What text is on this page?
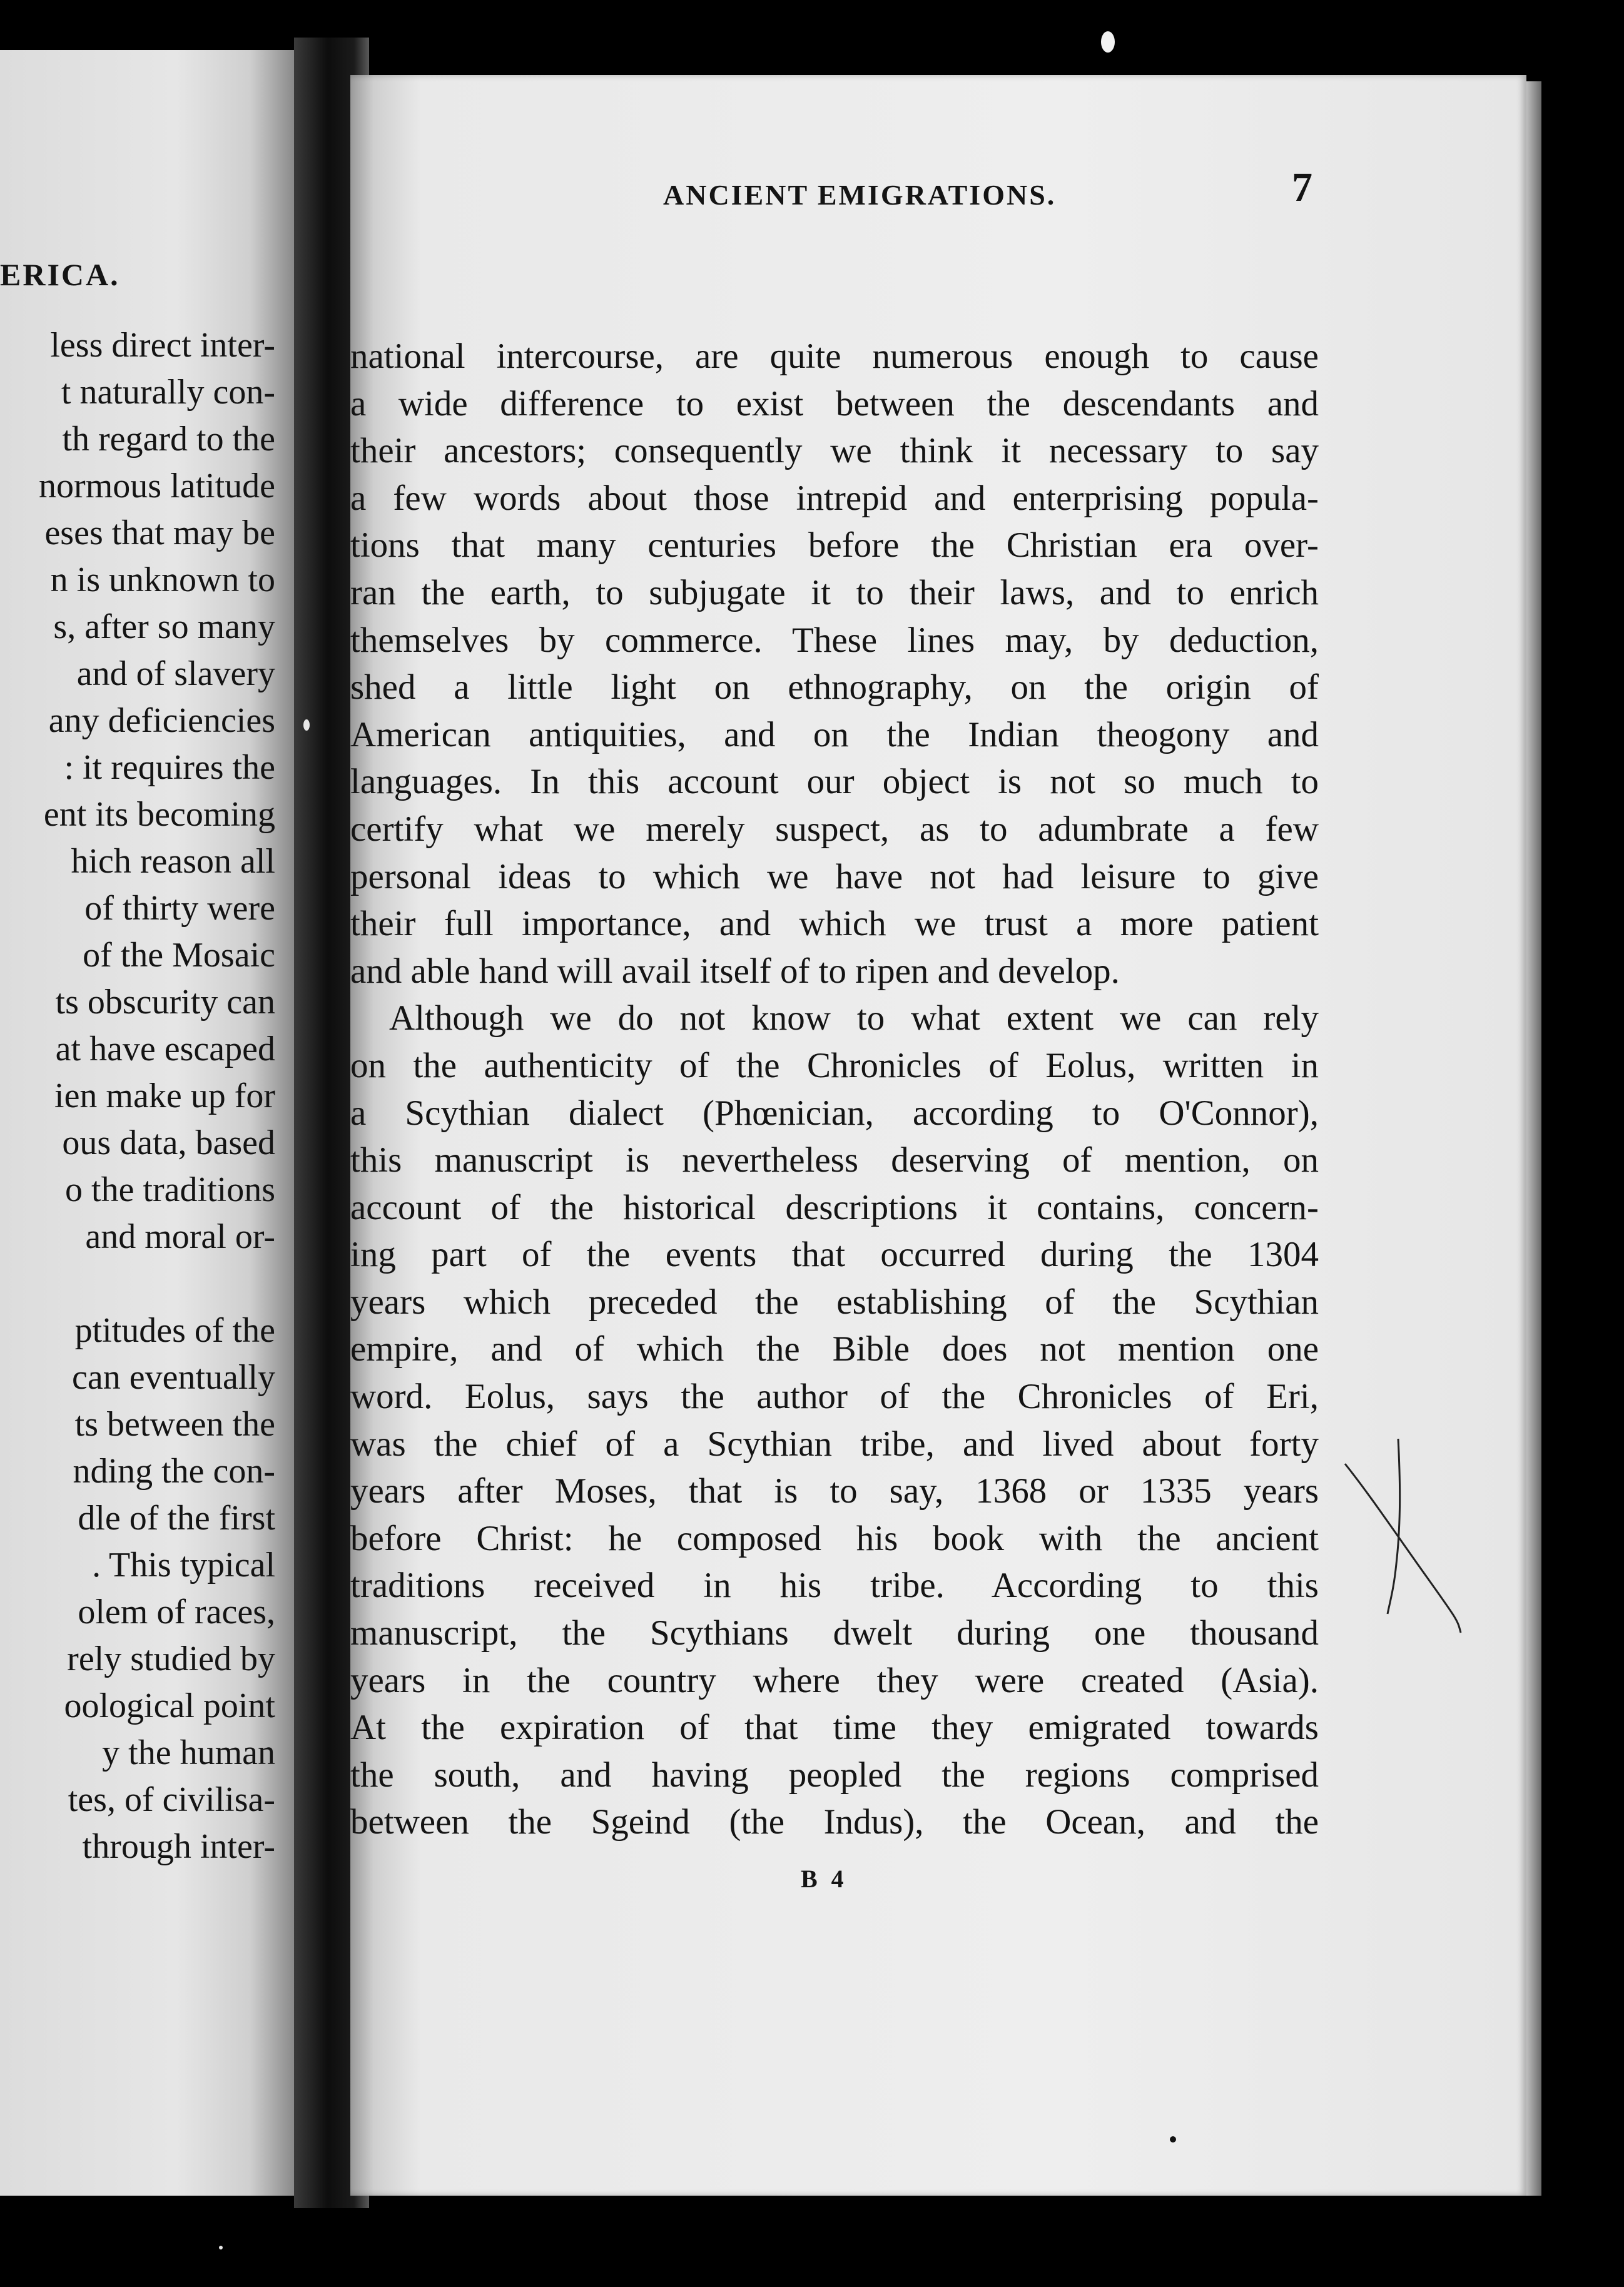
ERICA.
less direct inter-
t naturally con-
th regard to the
normous latitude
eses that may be
n is unknown to
s, after so many
and of slavery
any deficiencies
: it requires the
ent its becoming
hich reason all
of thirty were
of the Mosaic
ts obscurity can
at have escaped
ien make up for
ous data, based
o the traditions
and moral or-

ptitudes of the
can eventually
ts between the
nding the con-
dle of the first
. This typical
olem of races,
rely studied by
oological point
y the human
tes, of civilisa-
through inter-
ANCIENT EMIGRATIONS.	7
national intercourse, are quite numerous enough to cause
a wide difference to exist between the descendants and
their ancestors; consequently we think it necessary to say
a few words about those intrepid and enterprising popula-
tions that many centuries before the Christian era over-
ran the earth, to subjugate it to their laws, and to enrich
themselves by commerce. These lines may, by deduction,
shed a little light on ethnography, on the origin of
American antiquities, and on the Indian theogony and
languages. In this account our object is not so much to
certify what we merely suspect, as to adumbrate a few
personal ideas to which we have not had leisure to give
their full importance, and which we trust a more patient
and able hand will avail itself of to ripen and develop.
Although we do not know to what extent we can rely
on the authenticity of the Chronicles of Eolus, written in
a Scythian dialect (Phœnician, according to O'Connor),
this manuscript is nevertheless deserving of mention, on
account of the historical descriptions it contains, concern-
ing part of the events that occurred during the 1304
years which preceded the establishing of the Scythian
empire, and of which the Bible does not mention one
word. Eolus, says the author of the Chronicles of Eri,
was the chief of a Scythian tribe, and lived about forty
years after Moses, that is to say, 1368 or 1335 years
before Christ: he composed his book with the ancient
traditions received in his tribe. According to this
manuscript, the Scythians dwelt during one thousand
years in the country where they were created (Asia).
At the expiration of that time they emigrated towards
the south, and having peopled the regions comprised
between the Sgeind (the Indus), the Ocean, and the
B 4
